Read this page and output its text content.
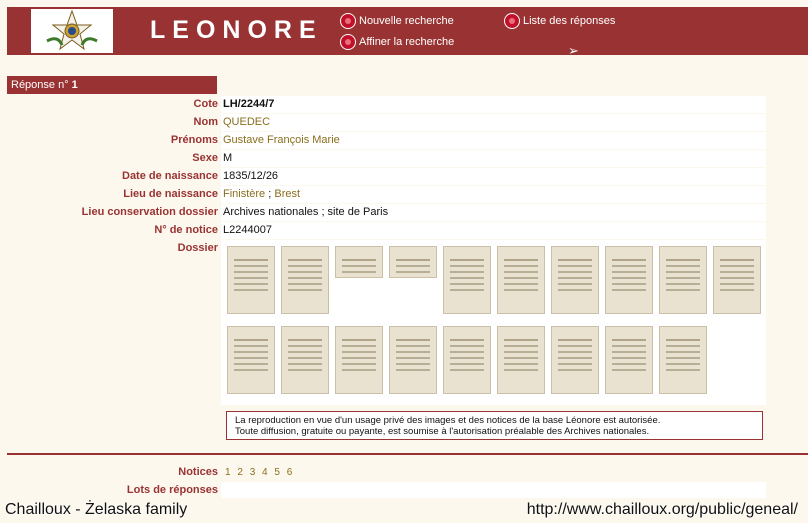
LEONORE	Nouvelle recherche
Affiner la recherche
Liste des réponses
➢
Réponse n° 1
Cote LH/2244/7
Nom QUEDEC
Prénoms Gustave François Marie
Sexe M
Date de naissance 1835/12/26
Lieu de naissance Finistère ; Brest
Lieu conservation dossier Archives nationales ; site de Paris
N° de notice L2244007
Dossier
La reproduction en vue d'un usage privé des images et des notices de la base Léonore est autorisée.
Toute diffusion, gratuite ou payante, est soumise à l'autorisation préalable des Archives nationales.
Notices 1 2 3 4 5 6
Lots de réponses
Chailloux - Żelaska family	http://www.chailloux.org/public/geneal/
